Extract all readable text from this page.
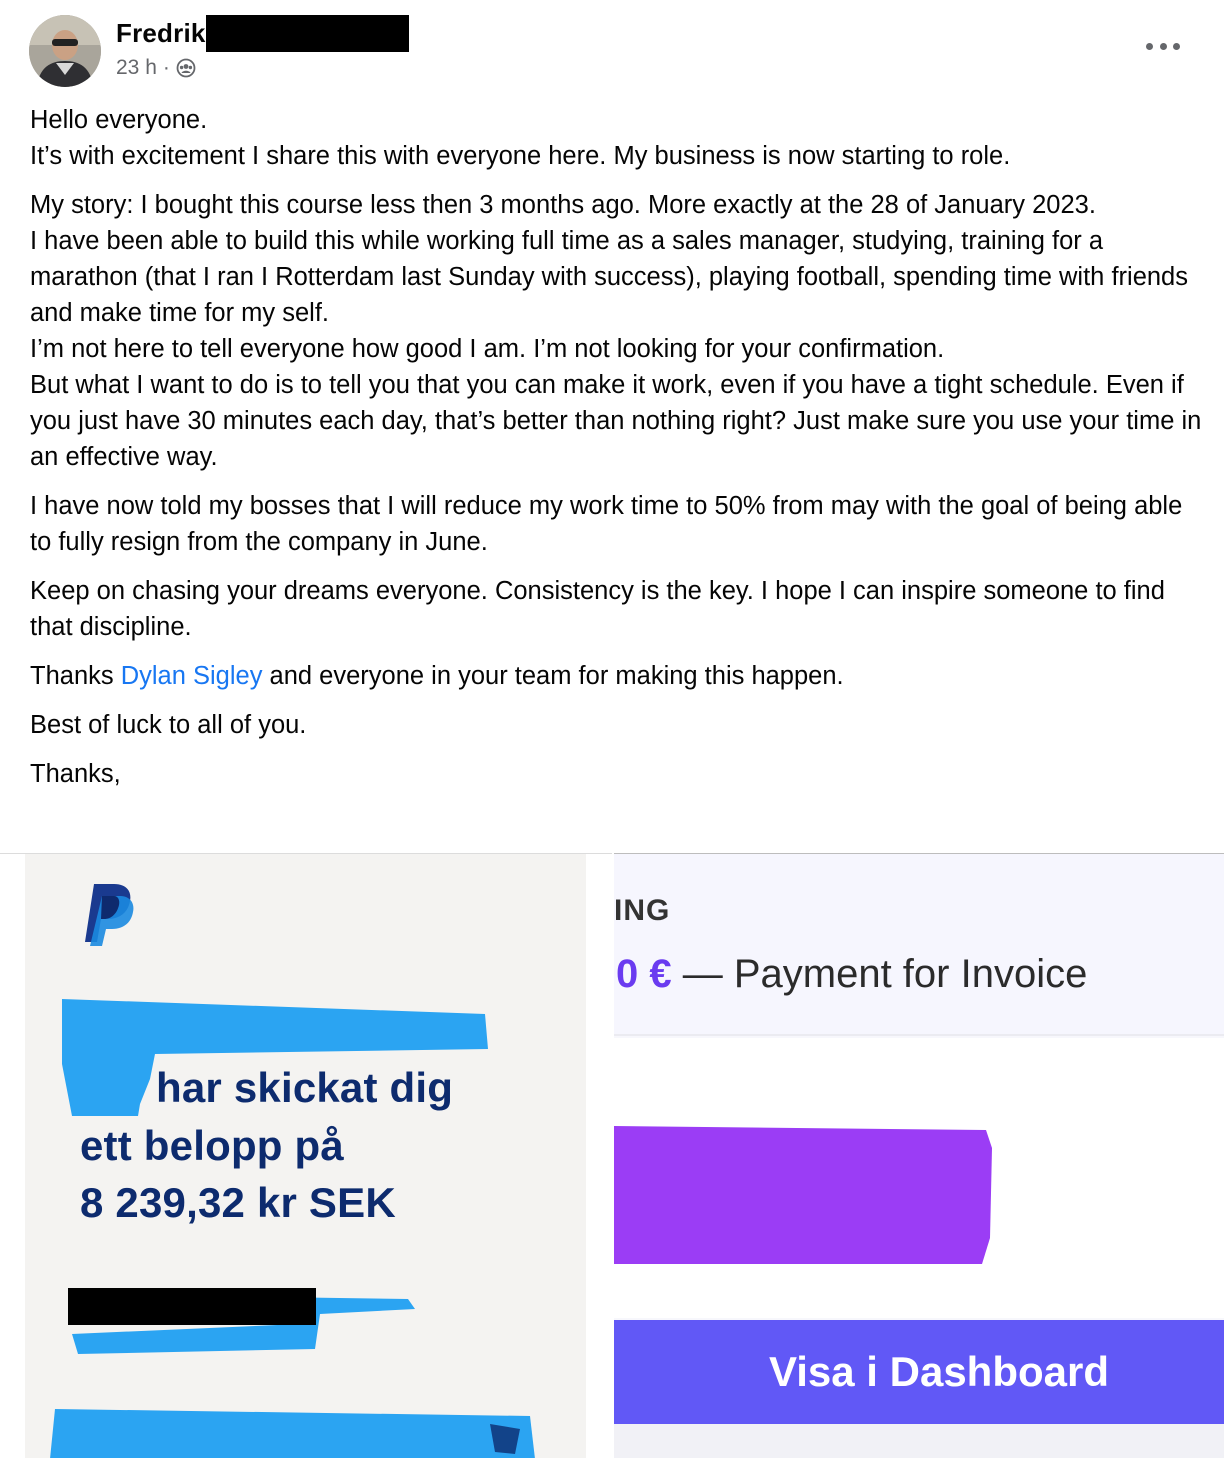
Fredrik
23 h ·

Hello everyone.
It’s with excitement I share this with everyone here. My business is now starting to role.

My story: I bought this course less then 3 months ago. More exactly at the 28 of January 2023.
I have been able to build this while working full time as a sales manager, studying, training for a marathon (that I ran I Rotterdam last Sunday with success), playing football, spending time with friends and make time for my self.
I’m not here to tell everyone how good I am. I’m not looking for your confirmation.
But what I want to do is to tell you that you can make it work, even if you have a tight schedule. Even if you just have 30 minutes each day, that’s better than nothing right? Just make sure you use your time in an effective way.

I have now told my bosses that I will reduce my work time to 50% from may with the goal of being able to fully resign from the company in June.

Keep on chasing your dreams everyone. Consistency is the key. I hope I can inspire someone to find that discipline.

Thanks Dylan Sigley and everyone in your team for making this happen.

Best of luck to all of you.

Thanks,

har skickat dig
ett belopp på
8 239,32 kr SEK
ING
0 € — Payment for Invoice
Visa i Dashboard
